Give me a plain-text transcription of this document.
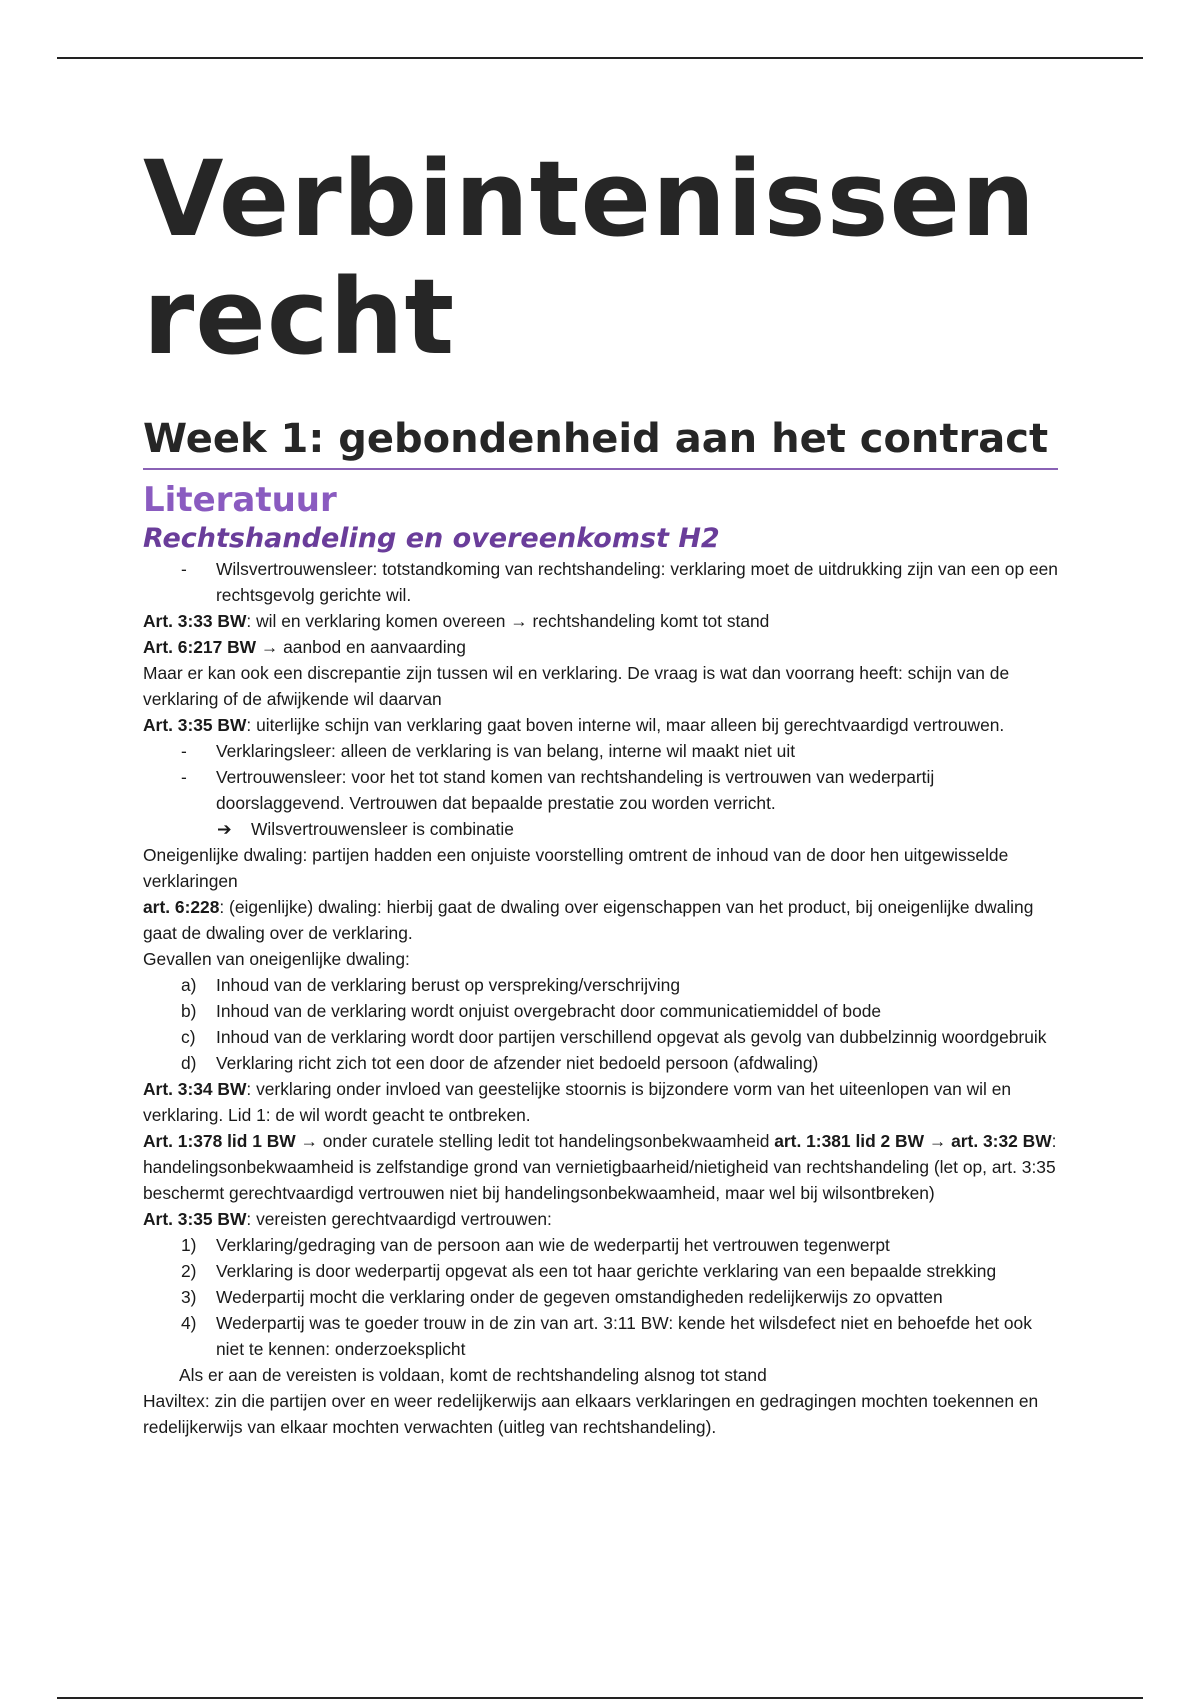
Verbintenissenrecht
Week 1: gebondenheid aan het contract
Literatuur
Rechtshandeling en overeenkomst H2

- Wilsvertrouwensleer: totstandkoming van rechtshandeling: verklaring moet de uitdrukking zijn van een op een rechtsgevolg gerichte wil.

Art. 3:33 BW: wil en verklaring komen overeen → rechtshandeling komt tot stand

Art. 6:217 BW → aanbod en aanvaarding

Maar er kan ook een discrepantie zijn tussen wil en verklaring. De vraag is wat dan voorrang heeft: schijn van de verklaring of de afwijkende wil daarvan

Art. 3:35 BW: uiterlijke schijn van verklaring gaat boven interne wil, maar alleen bij gerechtvaardigd vertrouwen.

- Verklaringsleer: alleen de verklaring is van belang, interne wil maakt niet uit

- Vertrouwensleer: voor het tot stand komen van rechtshandeling is vertrouwen van wederpartij doorslaggevend. Vertrouwen dat bepaalde prestatie zou worden verricht.

➔ Wilsvertrouwensleer is combinatie

Oneigenlijke dwaling: partijen hadden een onjuiste voorstelling omtrent de inhoud van de door hen uitgewisselde verklaringen

art. 6:228: (eigenlijke) dwaling: hierbij gaat de dwaling over eigenschappen van het product, bij oneigenlijke dwaling gaat de dwaling over de verklaring.

Gevallen van oneigenlijke dwaling:

a) Inhoud van de verklaring berust op verspreking/verschrijving

b) Inhoud van de verklaring wordt onjuist overgebracht door communicatiemiddel of bode

c) Inhoud van de verklaring wordt door partijen verschillend opgevat als gevolg van dubbelzinnig woordgebruik

d) Verklaring richt zich tot een door de afzender niet bedoeld persoon (afdwaling)

Art. 3:34 BW: verklaring onder invloed van geestelijke stoornis is bijzondere vorm van het uiteenlopen van wil en verklaring. Lid 1: de wil wordt geacht te ontbreken.

Art. 1:378 lid 1 BW → onder curatele stelling ledit tot handelingsonbekwaamheid art. 1:381 lid 2 BW → art. 3:32 BW: handelingsonbekwaamheid is zelfstandige grond van vernietigbaarheid/nietigheid van rechtshandeling (let op, art. 3:35 beschermt gerechtvaardigd vertrouwen niet bij handelingsonbekwaamheid, maar wel bij wilsontbreken)

Art. 3:35 BW: vereisten gerechtvaardigd vertrouwen:

1) Verklaring/gedraging van de persoon aan wie de wederpartij het vertrouwen tegenwerpt

2) Verklaring is door wederpartij opgevat als een tot haar gerichte verklaring van een bepaalde strekking

3) Wederpartij mocht die verklaring onder de gegeven omstandigheden redelijkerwijs zo opvatten

4) Wederpartij was te goeder trouw in de zin van art. 3:11 BW: kende het wilsdefect niet en behoefde het ook niet te kennen: onderzoeksplicht

Als er aan de vereisten is voldaan, komt de rechtshandeling alsnog tot stand

Haviltex: zin die partijen over en weer redelijkerwijs aan elkaars verklaringen en gedragingen mochten toekennen en redelijkerwijs van elkaar mochten verwachten (uitleg van rechtshandeling).
